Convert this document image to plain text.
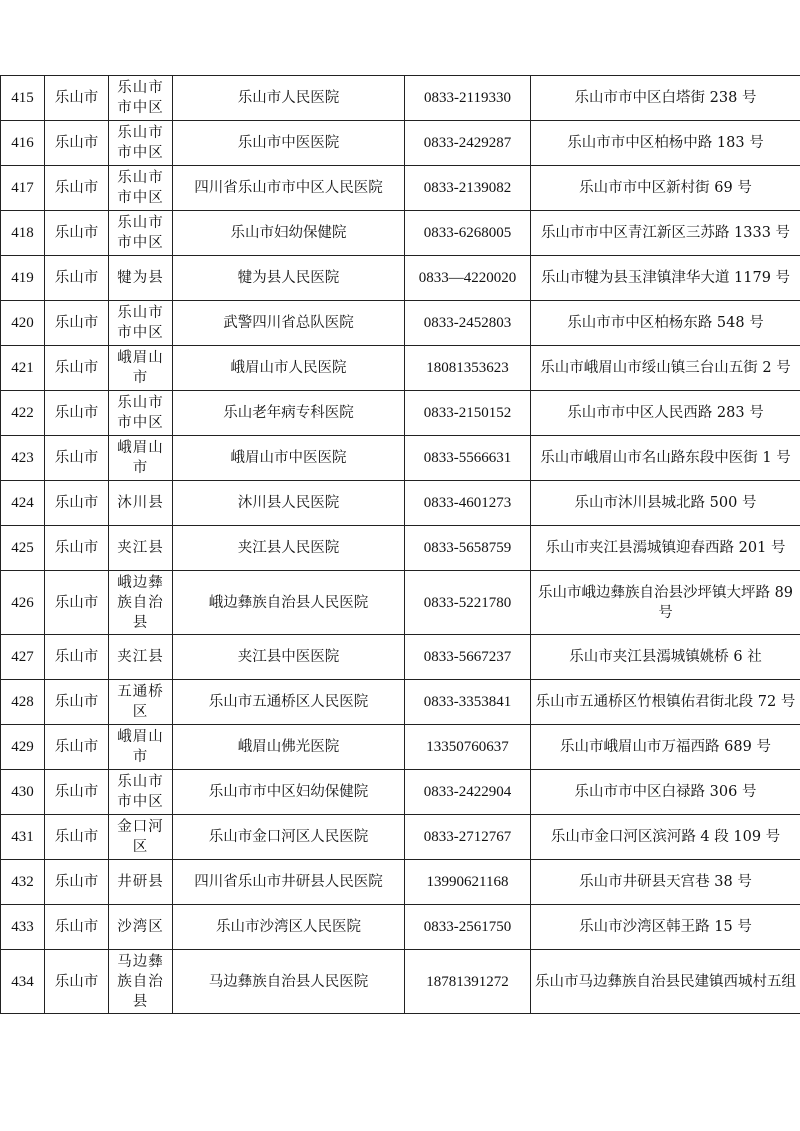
415	乐山市	乐山市市中区	乐山市人民医院	0833-2119330	乐山市市中区白塔街 238 号
416	乐山市	乐山市市中区	乐山市中医医院	0833-2429287	乐山市市中区柏杨中路 183 号
417	乐山市	乐山市市中区	四川省乐山市市中区人民医院	0833-2139082	乐山市市中区新村街 69 号
418	乐山市	乐山市市中区	乐山市妇幼保健院	0833-6268005	乐山市市中区青江新区三苏路 1333 号
419	乐山市	犍为县	犍为县人民医院	0833—4220020	乐山市犍为县玉津镇津华大道 1179 号
420	乐山市	乐山市市中区	武警四川省总队医院	0833-2452803	乐山市市中区柏杨东路 548 号
421	乐山市	峨眉山市	峨眉山市人民医院	18081353623	乐山市峨眉山市绥山镇三台山五街 2 号
422	乐山市	乐山市市中区	乐山老年病专科医院	0833-2150152	乐山市市中区人民西路 283 号
423	乐山市	峨眉山市	峨眉山市中医医院	0833-5566631	乐山市峨眉山市名山路东段中医街 1 号
424	乐山市	沐川县	沐川县人民医院	0833-4601273	乐山市沐川县城北路 500 号
425	乐山市	夹江县	夹江县人民医院	0833-5658759	乐山市夹江县漹城镇迎春西路 201 号
426	乐山市	峨边彝族自治县	峨边彝族自治县人民医院	0833-5221780	乐山市峨边彝族自治县沙坪镇大坪路 89 号
427	乐山市	夹江县	夹江县中医医院	0833-5667237	乐山市夹江县漹城镇姚桥 6 社
428	乐山市	五通桥区	乐山市五通桥区人民医院	0833-3353841	乐山市五通桥区竹根镇佑君街北段 72 号
429	乐山市	峨眉山市	峨眉山佛光医院	13350760637	乐山市峨眉山市万福西路 689 号
430	乐山市	乐山市市中区	乐山市市中区妇幼保健院	0833-2422904	乐山市市中区白禄路 306 号
431	乐山市	金口河区	乐山市金口河区人民医院	0833-2712767	乐山市金口河区滨河路 4 段 109 号
432	乐山市	井研县	四川省乐山市井研县人民医院	13990621168	乐山市井研县天宫巷 38 号
433	乐山市	沙湾区	乐山市沙湾区人民医院	0833-2561750	乐山市沙湾区韩王路 15 号
434	乐山市	马边彝族自治县	马边彝族自治县人民医院	18781391272	乐山市马边彝族自治县民建镇西城村五组
